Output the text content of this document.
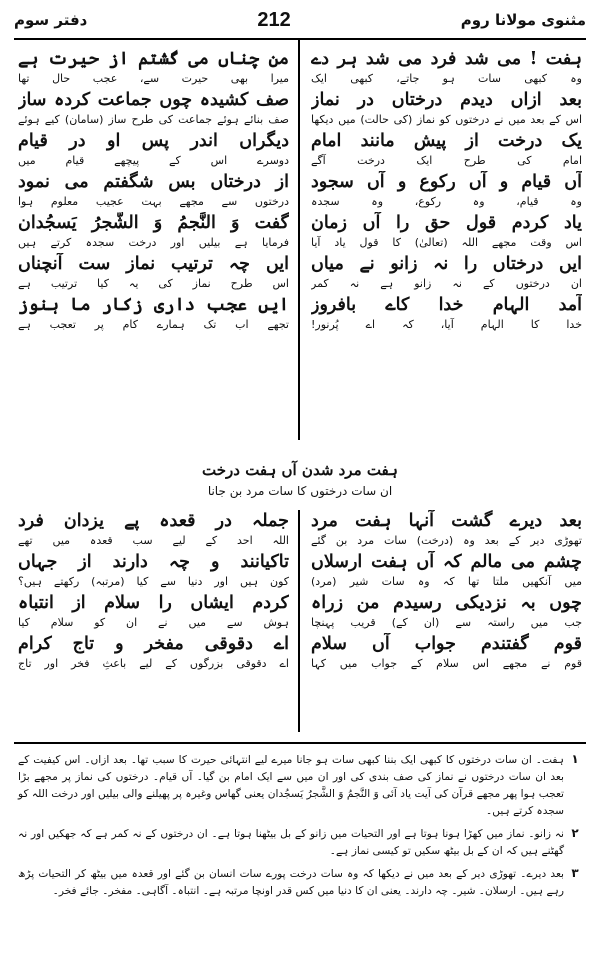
مثنوی مولانا روم
212
دفتر سوم
ہفت ! می شد فرد می شد ہر دے
وہ کبھی سات ہو جاتے، کبھی ایک
بعد ازاں دیدم درختاں در نماز
اس کے بعد میں نے درختوں کو نماز (کی حالت) میں دیکھا
یک درخت از پیش مانند امام
امام کی طرح ایک درخت آگے
آں قیام و آں رکوع و آں سجود
وہ قیام، وہ رکوع، وہ سجدہ
یاد کردم قول حق را آں زمان
اس وقت مجھے اللہ (تعالیٰ) کا قول یاد آیا
ایں درختاں را نہ زانو نے میاں
ان درختوں کے نہ زانو ہے نہ کمر
آمد الہام خدا کاے بافروز
خدا کا الہام آیا، کہ اے پُرنور!
من چناں می گشتم از حیرت ہے
میرا بھی حیرت سے، عجب حال تھا
صف کشیدہ چوں جماعت کردہ ساز
صف بنائے ہوئے جماعت کی طرح ساز (سامان) کیے ہوئے
دیگراں اندر پس او در قیام
دوسرے اس کے پیچھے قیام میں
از درختاں بس شگفتم می نمود
درختوں سے مجھے بہت عجیب معلوم ہوا
گفت وَ النَّجمُ وَ الشَّجرُ یَسجُدان
فرمایا ہے بیلیں اور درخت سجدہ کرتے ہیں
ایں چہ ترتیب نماز ست آنچناں
اس طرح نماز کی یہ کیا ترتیب ہے
ایں عجب داری زکار ما ہنوز
تجھے اب تک ہمارے کام پر تعجب ہے
ہفت مرد شدن آں ہفت درخت
ان سات درختوں کا سات مرد بن جانا
بعد دیرے گشت آنہا ہفت مرد
تھوڑی دیر کے بعد وہ (درخت) سات مرد بن گئے
چشم می مالم کہ آں ہفت ارسلاں
میں آنکھیں ملتا تھا کہ وہ سات شیر (مرد)
چوں بہ نزدیکی رسیدم من زراہ
جب میں راستہ سے (ان کے) قریب پہنچا
قوم گفتندم جواب آں سلام
قوم نے مجھے اس سلام کے جواب میں کہا
جملہ در قعدہ پے یزدان فرد
اللہ احد کے لیے سب قعدہ میں تھے
تاکیانند و چہ دارند از جہاں
کون ہیں اور دنیا سے کیا (مرتبہ) رکھتے ہیں؟
کردم ایشاں را سلام از انتباہ
ہوش سے میں نے ان کو سلام کیا
اے دقوقی مفخر و تاج کرام
اے دقوقی بزرگوں کے لیے باعثِ فخر اور تاج
۱
ہفت۔ ان سات درختوں کا کبھی ایک بننا کبھی سات ہو جانا میرے لیے انتہائی حیرت کا سبب تھا۔ بعد ازاں۔ اس کیفیت کے بعد ان سات درختوں نے نماز کی صف بندی کی اور ان میں سے ایک امام بن گیا۔ آں قیام۔ درختوں کی نماز پر مجھے بڑا تعجب ہوا پھر مجھے قرآن کی آیت یاد آئی وَ النَّجمُ وَ الشَّجرُ یَسجُدان یعنی گھاس وغیرہ پر پھیلنے والی بیلیں اور درخت اللہ کو سجدہ کرتے ہیں۔
۲
نہ زانو۔ نماز میں کھڑا ہونا ہوتا ہے اور التحیات میں زانو کے بل بیٹھنا ہوتا ہے۔ ان درختوں کے نہ کمر ہے کہ جھکیں اور نہ گھٹنے ہیں کہ ان کے بل بیٹھ سکیں تو کیسی نماز ہے۔
۳
بعد دیرے۔ تھوڑی دیر کے بعد میں نے دیکھا کہ وہ سات درخت پورے سات انسان بن گئے اور قعدہ میں بیٹھ کر التحیات پڑھ رہے ہیں۔ ارسلان۔ شیر۔ چہ دارند۔ یعنی ان کا دنیا میں کس قدر اونچا مرتبہ ہے۔ انتباہ۔ آگاہی۔ مفخر۔ جائے فخر۔
